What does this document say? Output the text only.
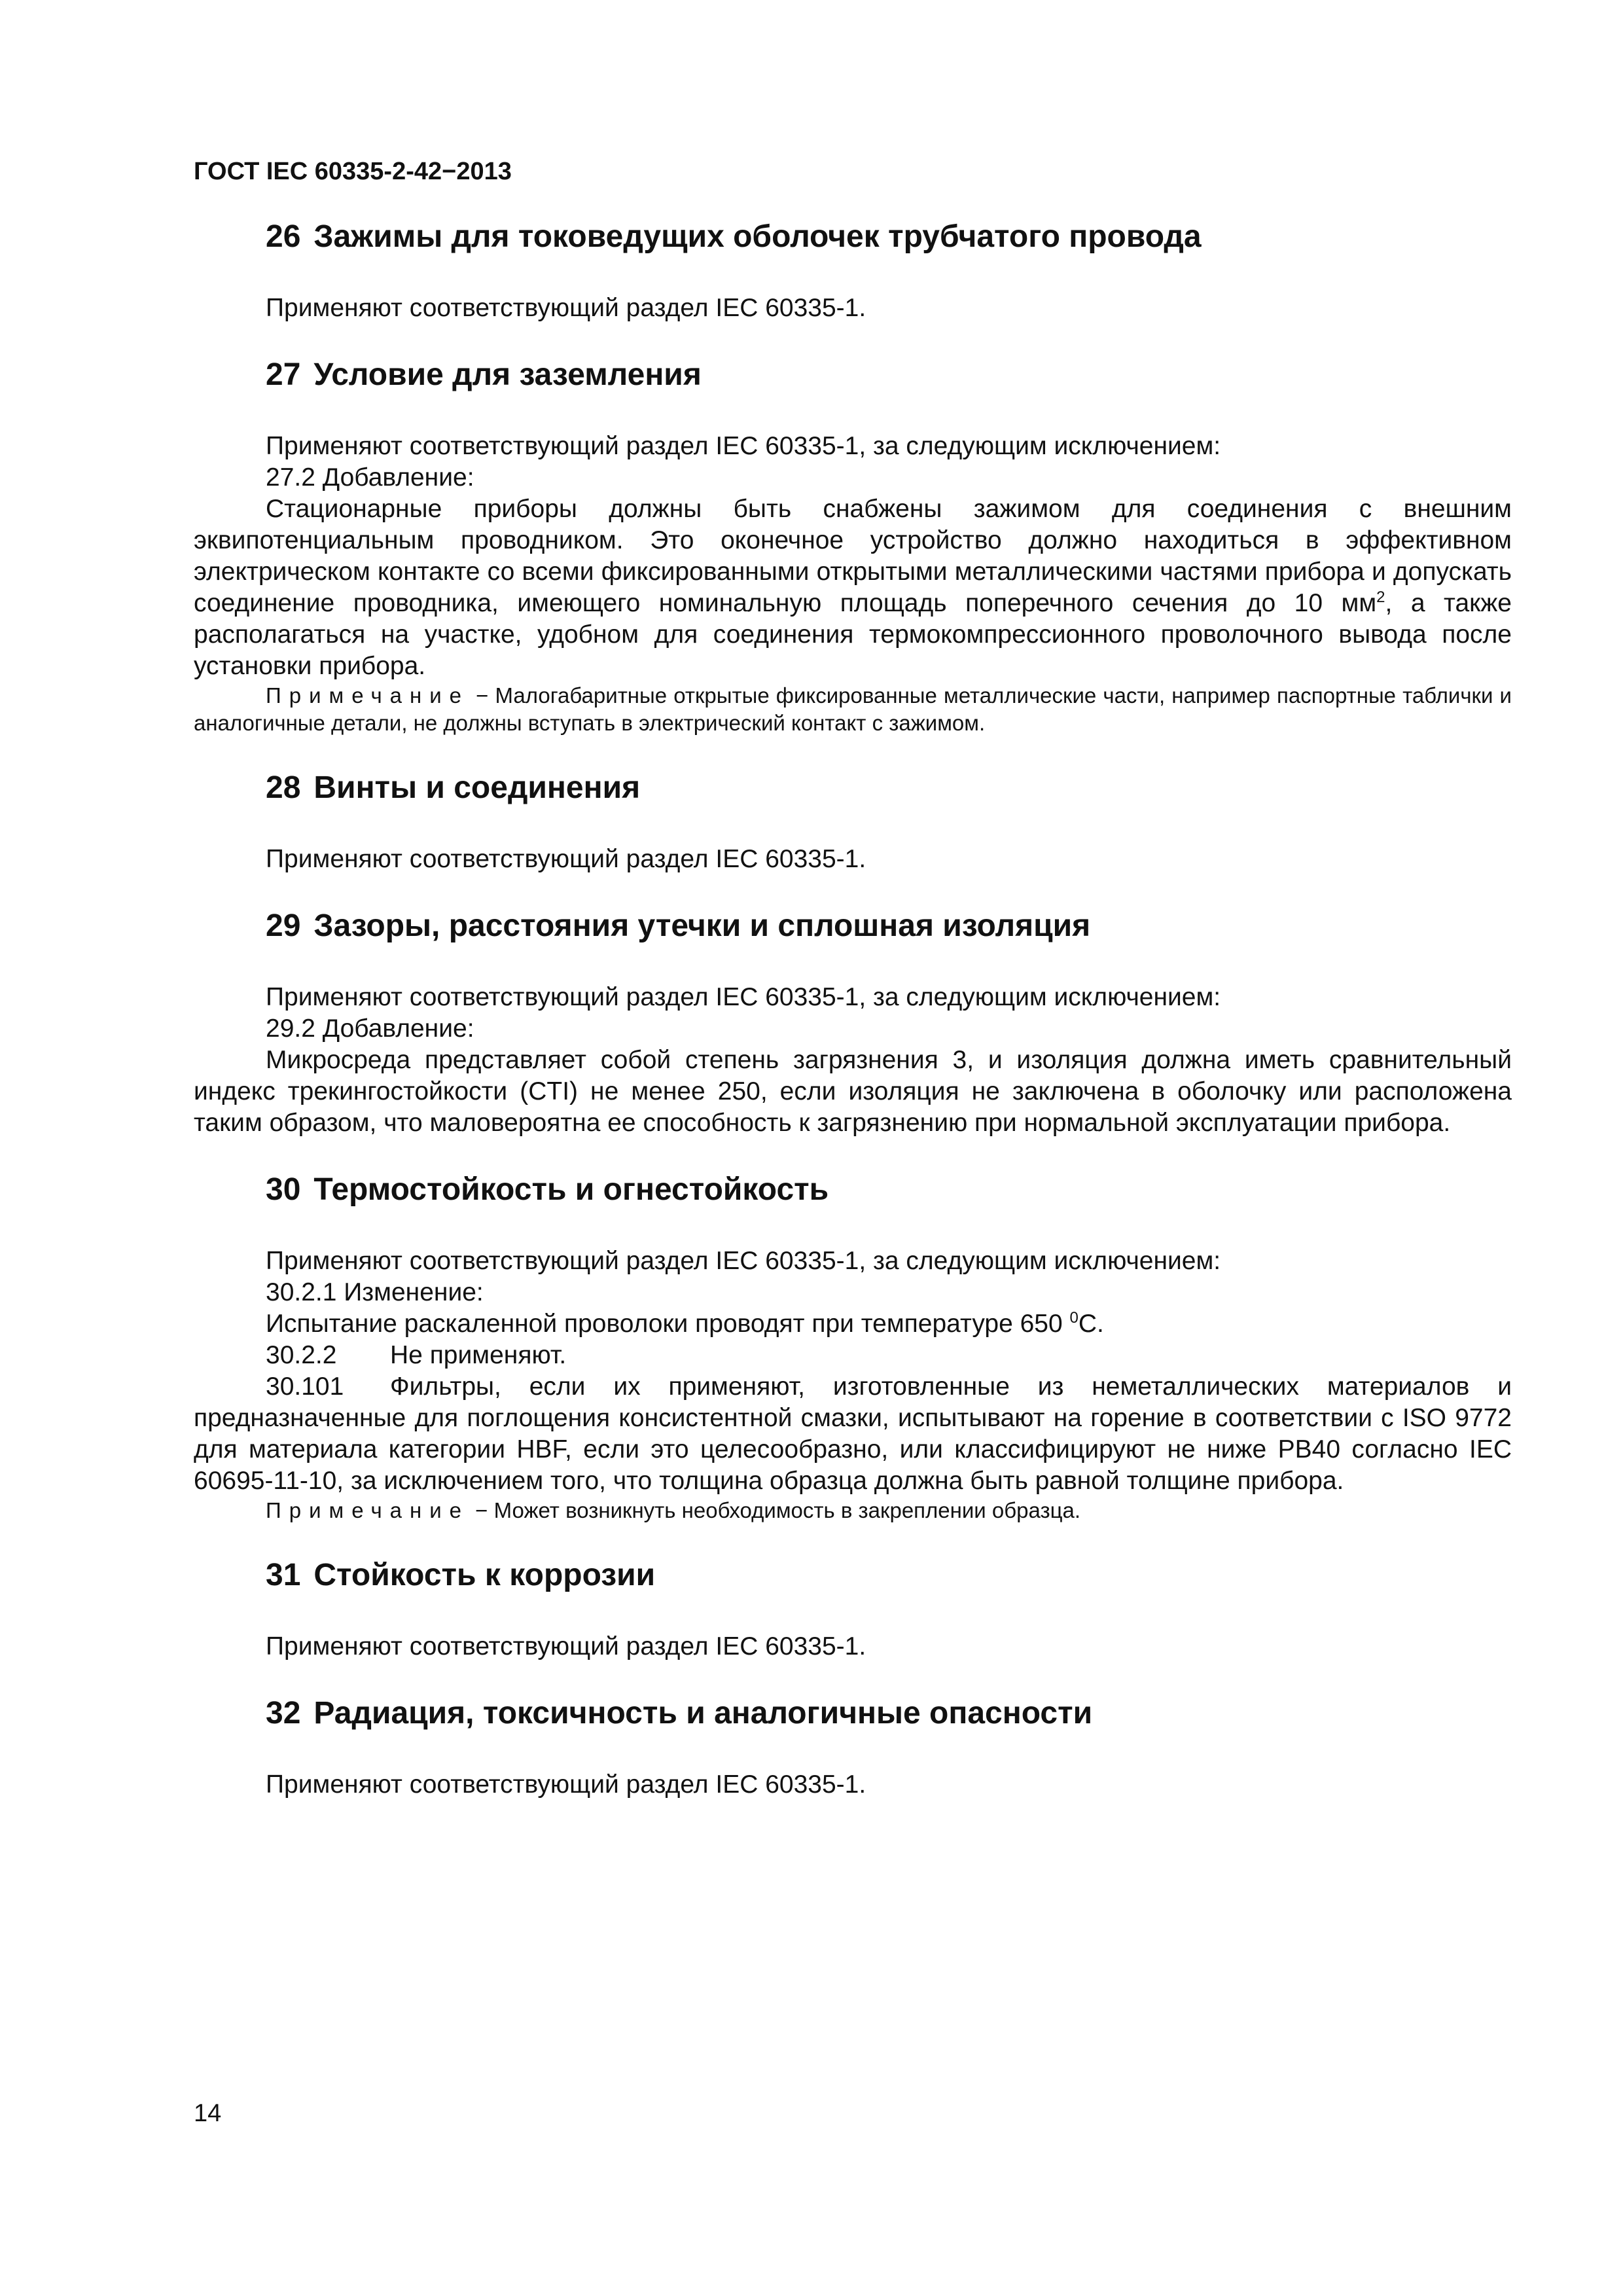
ГОСТ IEC 60335-2-42−2013
26 Зажимы для токоведущих оболочек трубчатого провода

Применяют соответствующий раздел IEC 60335-1.

27 Условие для заземления

Применяют соответствующий раздел IEC 60335-1, за следующим исключением:

27.2 Добавление:

Стационарные приборы должны быть снабжены зажимом для соединения с внешним эквипотенциальным проводником. Это оконечное устройство должно находиться в эффективном электрическом контакте со всеми фиксированными открытыми металлическими частями прибора и допускать соединение проводника, имеющего номинальную площадь поперечного сечения до 10 $мм^2$, а также располагаться на участке, удобном для соединения термокомпрессионного проволочного вывода после установки прибора.

Примечание − Малогабаритные открытые фиксированные металлические части, например паспортные таблички и аналогичные детали, не должны вступать в электрический контакт с зажимом.

28 Винты и соединения

Применяют соответствующий раздел IEC 60335-1.

29 Зазоры, расстояния утечки и сплошная изоляция

Применяют соответствующий раздел IEC 60335-1, за следующим исключением:

29.2 Добавление:

Микросреда представляет собой степень загрязнения 3, и изоляция должна иметь сравнительный индекс трекингостойкости (CTI) не менее 250, если изоляция не заключена в оболочку или расположена таким образом, что маловероятна ее способность к загрязнению при нормальной эксплуатации прибора.

30 Термостойкость и огнестойкость

Применяют соответствующий раздел IEC 60335-1, за следующим исключением:

30.2.1 Изменение:

Испытание раскаленной проволоки проводят при температуре 650 $^0$С.

30.2.2 Не применяют.

30.101 Фильтры, если их применяют, изготовленные из неметаллических материалов и предназначенные для поглощения консистентной смазки, испытывают на горение в соответствии с ISO 9772 для материала категории HBF, если это целесообразно, или классифицируют не ниже PB40 согласно IEC 60695-11-10, за исключением того, что толщина образца должна быть равной толщине прибора.

Примечание − Может возникнуть необходимость в закреплении образца.

31 Стойкость к коррозии

Применяют соответствующий раздел IEC 60335-1.

32 Радиация, токсичность и аналогичные опасности

Применяют соответствующий раздел IEC 60335-1.

14
